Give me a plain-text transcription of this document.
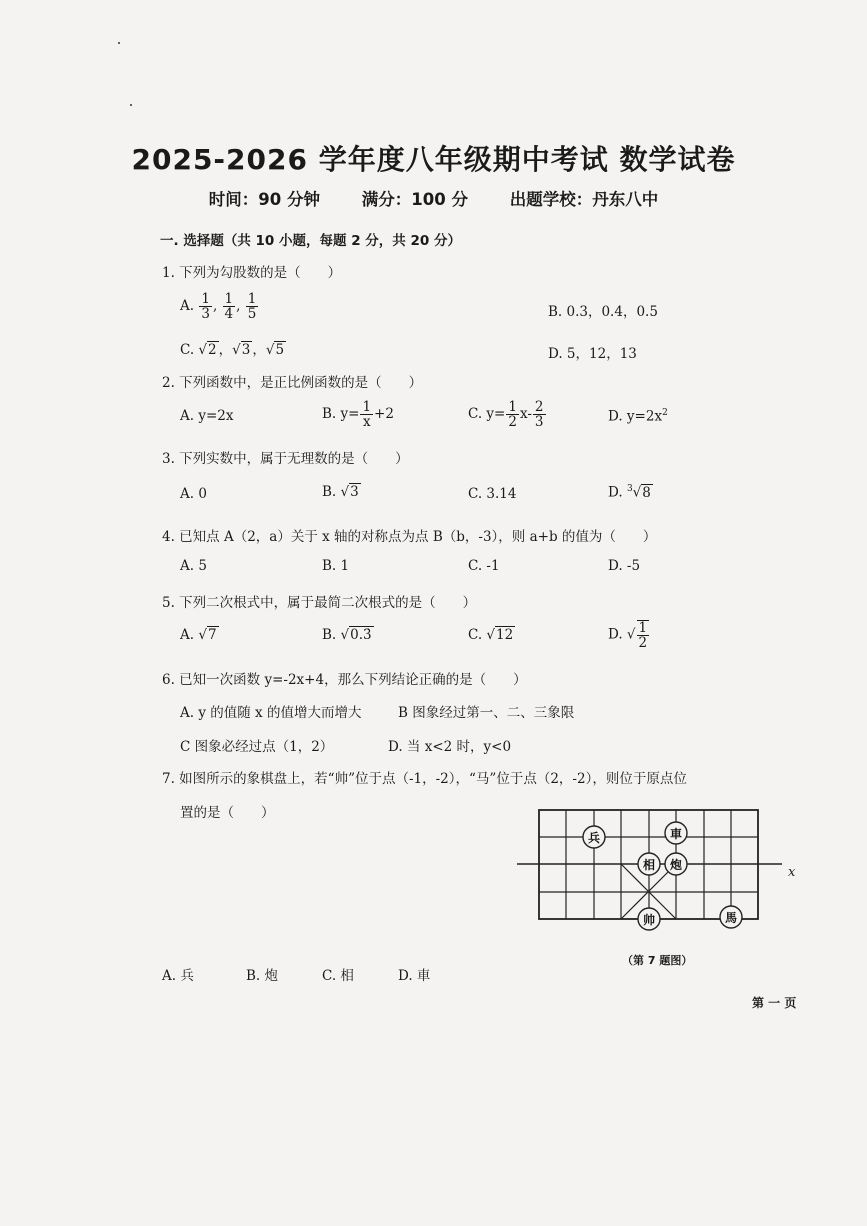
2025-2026 学年度八年级期中考试 数学试卷
时间：90 分钟	满分：100 分	出题学校：丹东八中
一. 选择题（共 10 小题，每题 2 分，共 20 分）
1. 下列为勾股数的是（　　）
A. $\frac{1}{3}$ , $\frac{1}{4}$ , $\frac{1}{5}$	B. 0.3，0.4，0.5
C. √2 ，√3 ，√5	D. 5，12，13
2. 下列函数中，是正比例函数的是（　　）
A. y=2x	B. $y= \frac{1}{x} +2$	C. $y= \frac{1}{2} x- \frac{2}{3}$	D. $y=2x^2$
3. 下列实数中，属于无理数的是（　　）
A. 0	B. √3	C. 3.14	D. $^3$√8
4. 已知点 A（2，a）关于 x 轴的对称点为点 B（b，-3），则 a+b 的值为（　　）
A. 5	B. 1	C. -1	D. -5
5. 下列二次根式中，属于最简二次根式的是（　　）
A. √7	B. √0.3̇	C. √12	D. √ $\frac{1}{2}$
6. 已知一次函数 y=-2x+4，那么下列结论正确的是（　　）
A. y 的值随 x 的值增大而增大	B 图象经过第一、二、三象限
C 图象必经过点（1，2）	D. 当 x<2 时，y<0
7. 如图所示的象棋盘上，若“帅”位于点（-1，-2），“马”位于点（2，-2），则位于原点位
置的是（　　）
兵	車
相 炮
帅	馬
x
（第 7 题图）
A. 兵	B. 炮	C. 相	D. 車
第 一 页
